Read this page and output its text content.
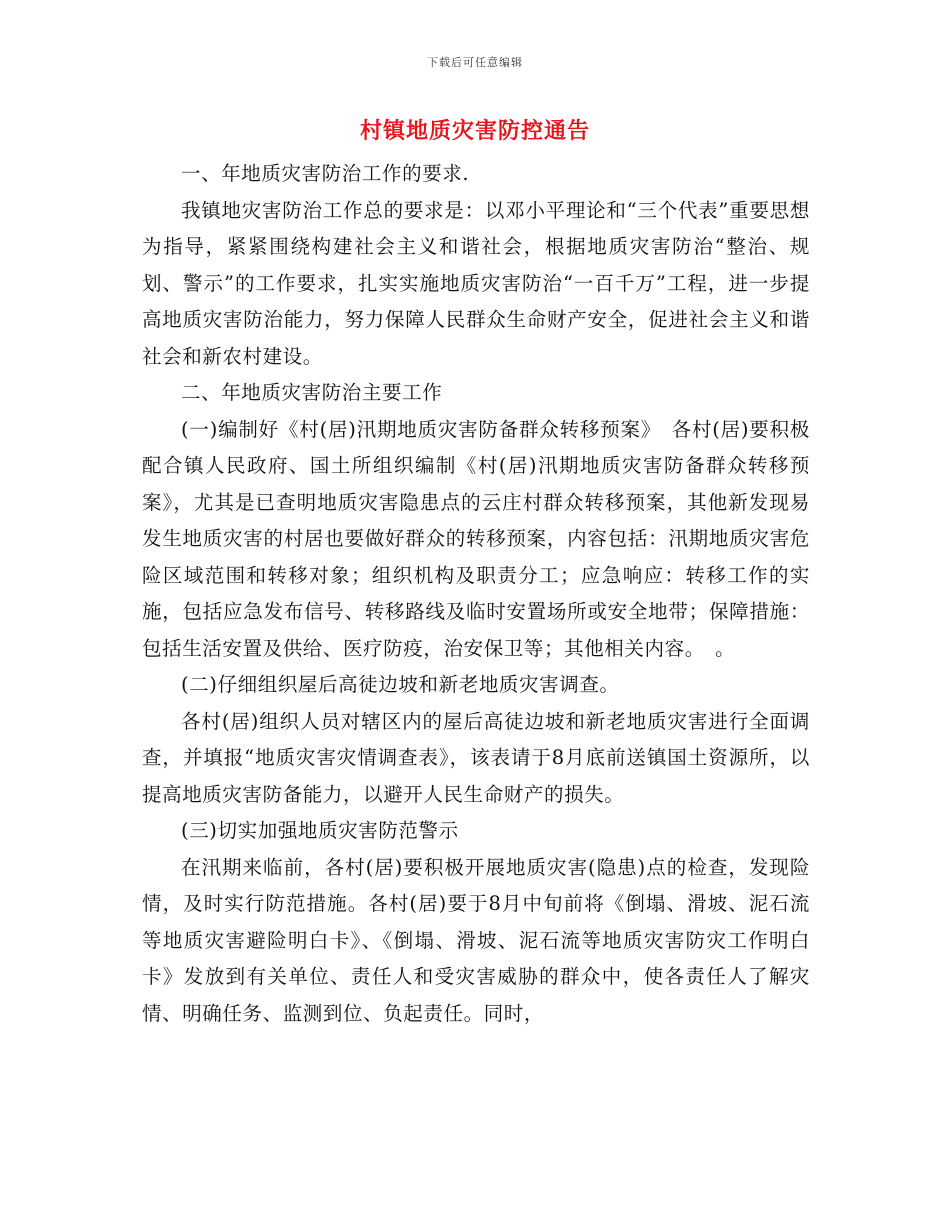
下载后可任意编辑
村镇地质灾害防控通告

一、年地质灾害防治工作的要求.

我镇地灾害防治工作总的要求是：以邓小平理论和“三个代表”重要思想为指导，紧紧围绕构建社会主义和谐社会，根据地质灾害防治“整治、规划、警示”的工作要求，扎实实施地质灾害防治“一百千万”工程，进一步提高地质灾害防治能力，努力保障人民群众生命财产安全，促进社会主义和谐社会和新农村建设。

二、年地质灾害防治主要工作

(一)编制好《村(居)汛期地质灾害防备群众转移预案》　各村(居)要积极配合镇人民政府、国土所组织编制《村(居)汛期地质灾害防备群众转移预案》，尤其是已查明地质灾害隐患点的云庄村群众转移预案，其他新发现易发生地质灾害的村居也要做好群众的转移预案，内容包括：汛期地质灾害危险区域范围和转移对象；组织机构及职责分工；应急响应：转移工作的实施，包括应急发布信号、转移路线及临时安置场所或安全地带；保障措施：包括生活安置及供给、医疗防疫，治安保卫等；其他相关内容。　。

(二)仔细组织屋后高徒边坡和新老地质灾害调查。

各村(居)组织人员对辖区内的屋后高徒边坡和新老地质灾害进行全面调查，并填报“地质灾害灾情调查表》，该表请于8月底前送镇国土资源所，以提高地质灾害防备能力，以避开人民生命财产的损失。

(三)切实加强地质灾害防范警示

在汛期来临前，各村(居)要积极开展地质灾害(隐患)点的检查，发现险情，及时实行防范措施。各村(居)要于8月中旬前将《倒塌、滑坡、泥石流等地质灾害避险明白卡》、《倒塌、滑坡、泥石流等地质灾害防灾工作明白卡》发放到有关单位、责任人和受灾害威胁的群众中，使各责任人了解灾情、明确任务、监测到位、负起责任。同时，
